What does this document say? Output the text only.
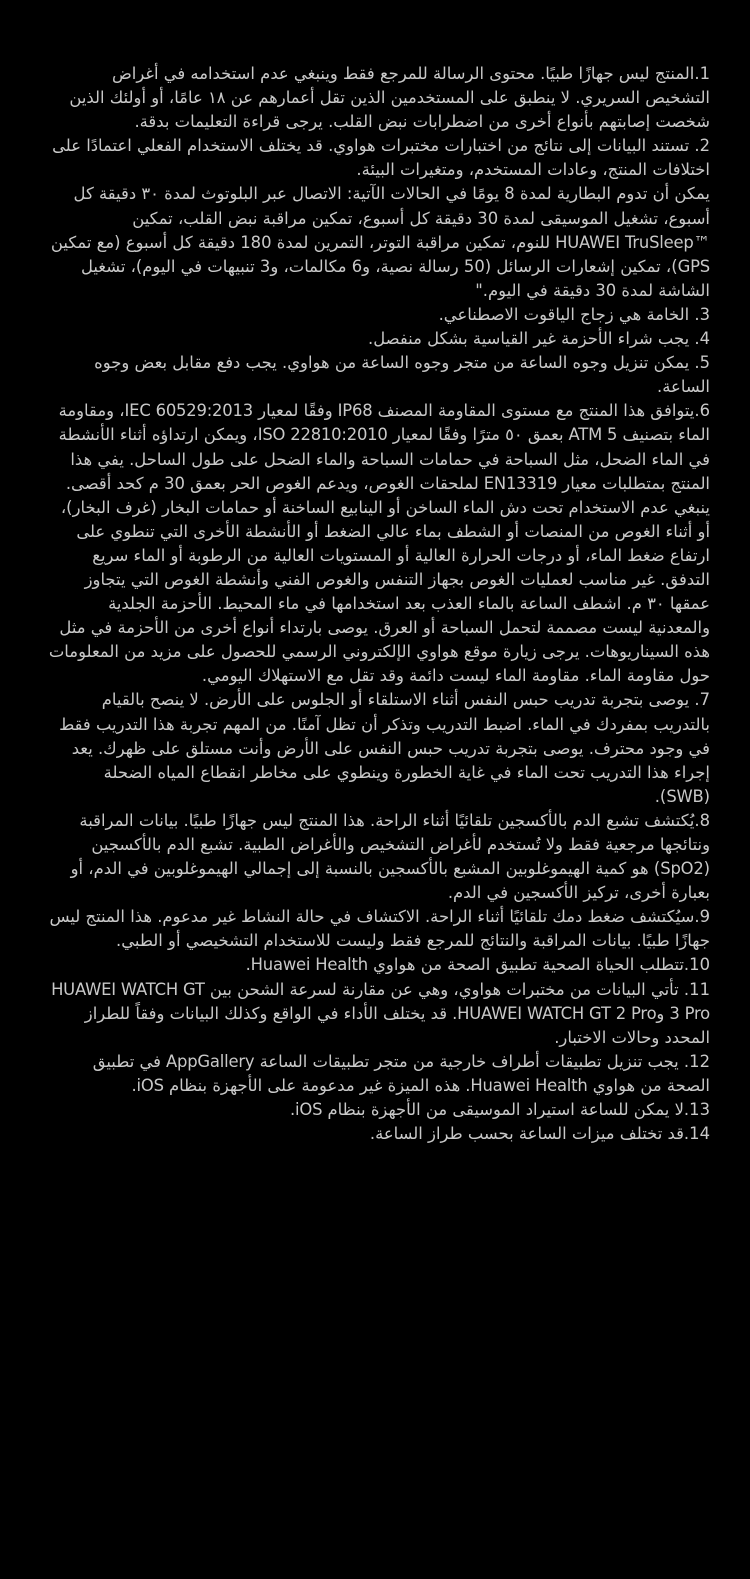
1.المنتج ليس جهازًا طبيًا. محتوى الرسالة للمرجع فقط وينبغي عدم استخدامه في أغراض التشخيص السريري. لا ينطبق على المستخدمين الذين تقل أعمارهم عن ١٨ عامًا، أو أولئك الذين شخصت إصابتهم بأنواع أخرى من اضطرابات نبض القلب. يرجى قراءة التعليمات بدقة.

2. تستند البيانات إلى نتائج من اختبارات مختبرات هواوي. قد يختلف الاستخدام الفعلي اعتمادًا على اختلافات المنتج، وعادات المستخدم، ومتغيرات البيئة.

يمكن أن تدوم البطارية لمدة 8 يومًا في الحالات الآتية: الاتصال عبر البلوتوث لمدة ٣٠ دقيقة كل أسبوع، تشغيل الموسيقى لمدة 30 دقيقة كل أسبوع، تمكين مراقبة نبض القلب، تمكين ™HUAWEI TruSleep للنوم، تمكين مراقبة التوتر، التمرين لمدة 180 دقيقة كل أسبوع (مع تمكين GPS)، تمكين إشعارات الرسائل (50 رسالة نصية، و6 مكالمات، و3 تنبيهات في اليوم)، تشغيل الشاشة لمدة 30 دقيقة في اليوم."

3. الخامة هي زجاج الياقوت الاصطناعي.

4. يجب شراء الأحزمة غير القياسية بشكل منفصل.

5. يمكن تنزيل وجوه الساعة من متجر وجوه الساعة من هواوي. يجب دفع مقابل بعض وجوه الساعة.

6.يتوافق هذا المنتج مع مستوى المقاومة المصنف IP68 وفقًا لمعيار IEC 60529:2013، ومقاومة الماء بتصنيف ATM 5 بعمق ٥٠ مترًا وفقًا لمعيار ISO 22810:2010، ويمكن ارتداؤه أثناء الأنشطة في الماء الضحل، مثل السباحة في حمامات السباحة والماء الضحل على طول الساحل. يفي هذا المنتج بمتطلبات معيار EN13319 لملحقات الغوص، ويدعم الغوص الحر بعمق 30 م كحد أقصى. ينبغي عدم الاستخدام تحت دش الماء الساخن أو الينابيع الساخنة أو حمامات البخار (غرف البخار)، أو أثناء الغوص من المنصات أو الشطف بماء عالي الضغط أو الأنشطة الأخرى التي تنطوي على ارتفاع ضغط الماء، أو درجات الحرارة العالية أو المستويات العالية من الرطوبة أو الماء سريع التدفق. غير مناسب لعمليات الغوص بجهاز التنفس والغوص الفني وأنشطة الغوص التي يتجاوز عمقها ٣٠ م. اشطف الساعة بالماء العذب بعد استخدامها في ماء المحيط. الأحزمة الجلدية والمعدنية ليست مصممة لتحمل السباحة أو العرق. يوصى بارتداء أنواع أخرى من الأحزمة في مثل هذه السيناريوهات. يرجى زيارة موقع هواوي الإلكتروني الرسمي للحصول على مزيد من المعلومات حول مقاومة الماء. مقاومة الماء ليست دائمة وقد تقل مع الاستهلاك اليومي.

7. يوصى بتجربة تدريب حبس النفس أثناء الاستلقاء أو الجلوس على الأرض. لا ينصح بالقيام بالتدريب بمفردك في الماء. اضبط التدريب وتذكر أن تظل آمنًا. من المهم تجربة هذا التدريب فقط في وجود محترف. يوصى بتجربة تدريب حبس النفس على الأرض وأنت مستلق على ظهرك. يعد إجراء هذا التدريب تحت الماء في غاية الخطورة وينطوي على مخاطر انقطاع المياه الضحلة (SWB).

8.يُكتشف تشبع الدم بالأكسجين تلقائيًا أثناء الراحة. هذا المنتج ليس جهازًا طبيًا. بيانات المراقبة ونتائجها مرجعية فقط ولا تُستخدم لأغراض التشخيص والأغراض الطبية. تشبع الدم بالأكسجين (SpO2) هو كمية الهيموغلوبين المشبع بالأكسجين بالنسبة إلى إجمالي الهيموغلوبين في الدم، أو بعبارة أخرى، تركيز الأكسجين في الدم.

9.سيُكتشف ضغط دمك تلقائيًا أثناء الراحة. الاكتشاف في حالة النشاط غير مدعوم. هذا المنتج ليس جهازًا طبيًا. بيانات المراقبة والنتائج للمرجع فقط وليست للاستخدام التشخيصي أو الطبي.

10.تتطلب الحياة الصحية تطبيق الصحة من هواوي Huawei Health.

11. تأتي البيانات من مختبرات هواوي، وهي عن مقارنة لسرعة الشحن بين HUAWEI WATCH GT 3 Pro وHUAWEI WATCH GT 2 Pro. قد يختلف الأداء في الواقع وكذلك البيانات وفقاً للطراز المحدد وحالات الاختبار.

12. يجب تنزيل تطبيقات أطراف خارجية من متجر تطبيقات الساعة AppGallery في تطبيق الصحة من هواوي Huawei Health. هذه الميزة غير مدعومة على الأجهزة بنظام iOS.

13.لا يمكن للساعة استيراد الموسيقى من الأجهزة بنظام iOS.

14.قد تختلف ميزات الساعة بحسب طراز الساعة.
